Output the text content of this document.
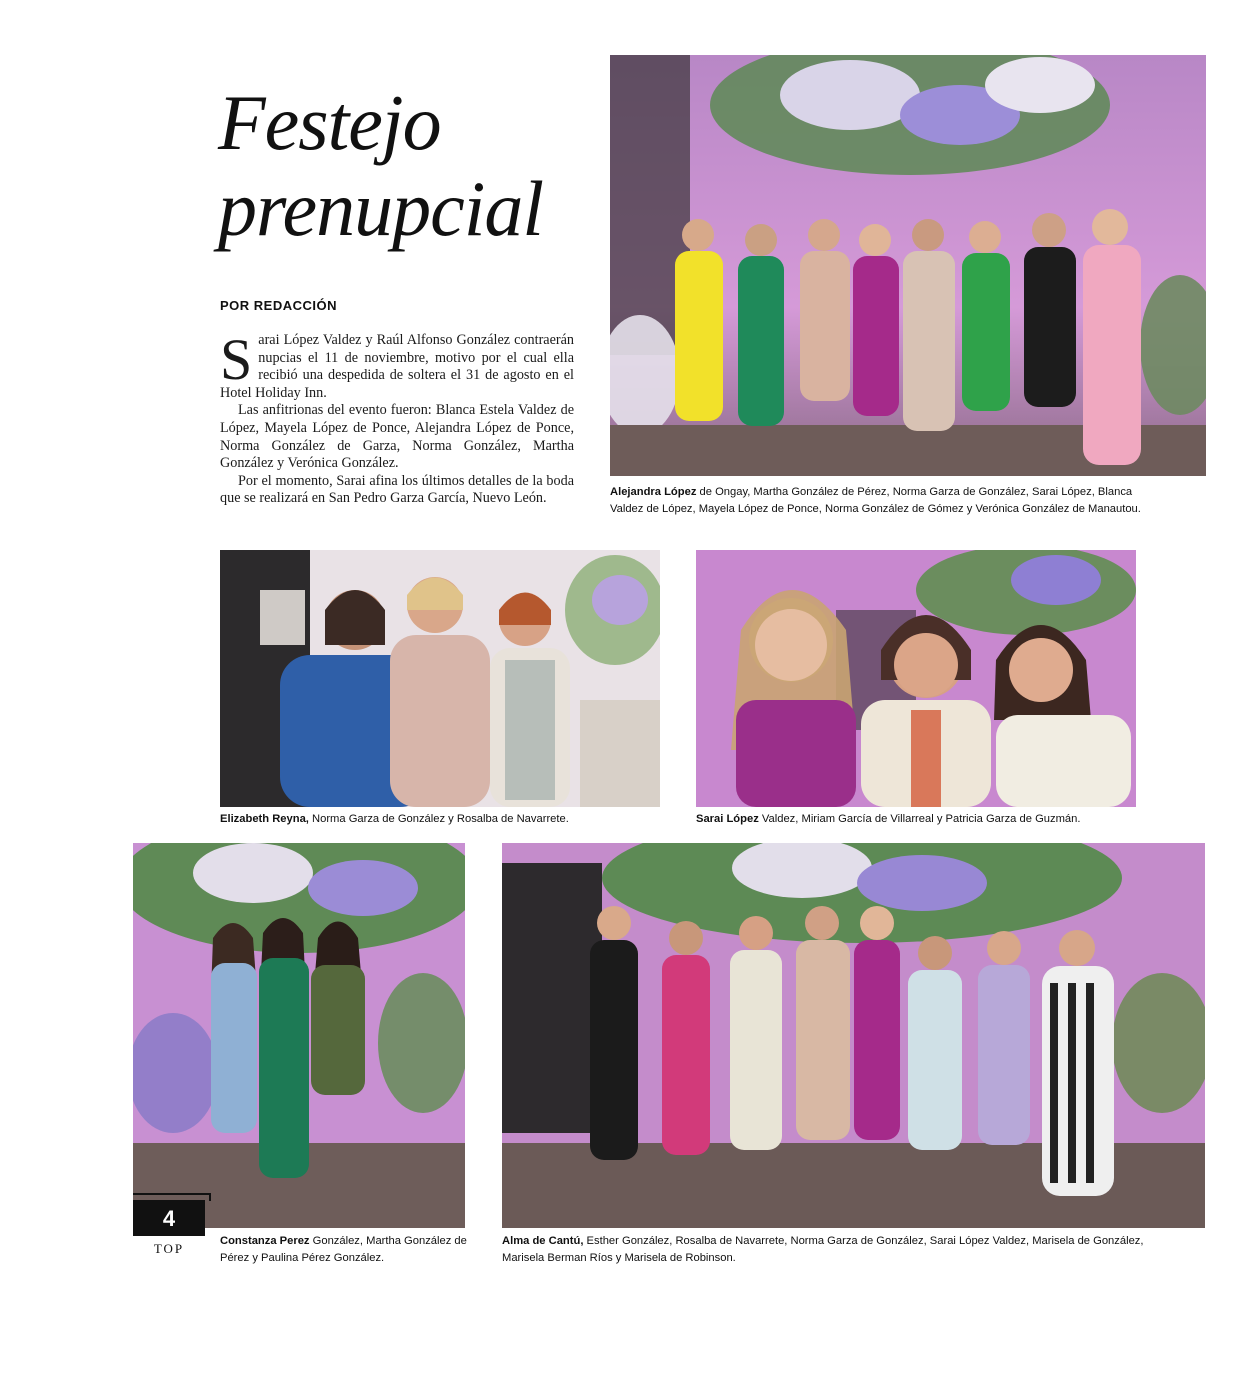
Festejo
prenupcial
POR REDACCIÓN

Sarai López Valdez y Raúl Alfonso González contraerán nupcias el 11 de noviembre, motivo por el cual ella recibió una despedida de soltera el 31 de agosto en el Hotel Holiday Inn.

Las anfitrionas del evento fueron: Blanca Estela Valdez de López, Mayela López de Ponce, Alejandra López de Ponce, Norma González de Garza, Norma González, Martha González y Verónica González.

Por el momento, Sarai afina los últimos detalles de la boda que se realizará en San Pedro Garza García, Nuevo León.	Alejandra López de Ongay, Martha González de Pérez, Norma Garza de González, Sarai López, Blanca Valdez de López, Mayela López de Ponce, Norma González de Gómez y Verónica González de Manautou.
Elizabeth Reyna, Norma Garza de González y Rosalba de Navarrete.	Sarai López Valdez, Miriam García de Villarreal y Patricia Garza de Guzmán.
Constanza Perez González, Martha González de Pérez y Paulina Pérez González.
Alma de Cantú, Esther González, Rosalba de Navarrete, Norma Garza de González, Sarai López Valdez, Marisela de González, Marisela Berman Ríos y Marisela de Robinson.
4
TOP
